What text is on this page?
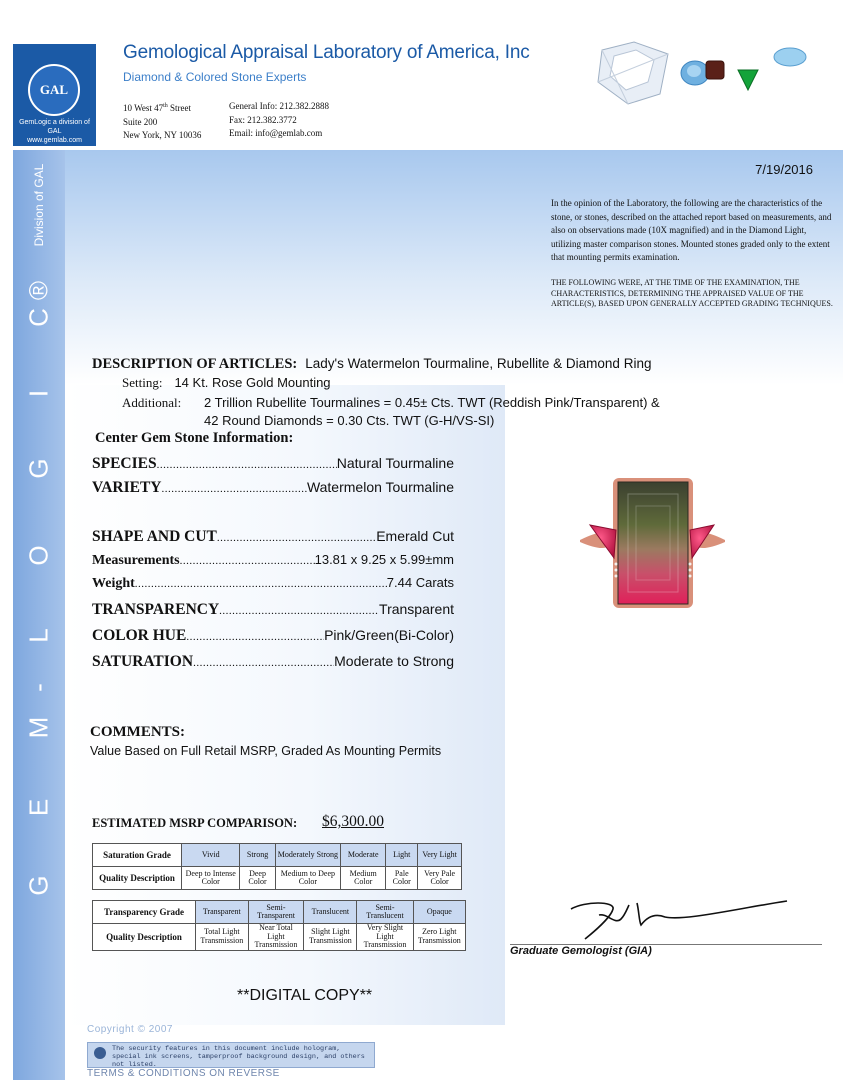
GAL
GemLogic a division of GAL
www.gemlab.com
Gemological Appraisal Laboratory of America, Inc
Diamond & Colored Stone Experts
10 West 47th Street
Suite 200
New York, NY 10036
General Info: 212.382.2888
Fax: 212.382.3772
Email: info@gemlab.com
Division of GAL
®
C
I
G
O
L
-
M
E
G
7/19/2016
In the opinion of the Laboratory, the following are the characteristics of the stone, or stones, described on the attached report based on measurements, and also on observations made (10X magnified) and in the Diamond Light, utilizing master comparison stones. Mounted stones graded only to the extent that mounting permits examination.
THE FOLLOWING WERE, AT THE TIME OF THE EXAMINATION, THE CHARACTERISTICS, DETERMINING THE APPRAISED VALUE OF THE ARTICLE(S), BASED UPON GENERALLY ACCEPTED GRADING TECHNIQUES.
DESCRIPTION OF ARTICLES: Lady's Watermelon Tourmaline, Rubellite & Diamond Ring
Setting: 14 Kt. Rose Gold Mounting
Additional: 2 Trillion Rubellite Tourmalines = 0.45± Cts. TWT (Reddish Pink/Transparent) &
42 Round Diamonds = 0.30 Cts. TWT (G-H/VS-SI)
Center Gem Stone Information:
SPECIES .....	Natural Tourmaline
VARIETY .....	Watermelon Tourmaline
SHAPE AND CUT .....	Emerald Cut
Measurements .....	13.81 x 9.25 x 5.99±mm
Weight .....	7.44 Carats
TRANSPARENCY .....	Transparent
COLOR HUE .....	Pink/Green(Bi-Color)
SATURATION .....	Moderate to Strong
COMMENTS:
Value Based on Full Retail MSRP, Graded As Mounting Permits
ESTIMATED MSRP COMPARISON: $6,300.00
Saturation Grade	Vivid	Strong	Moderately Strong	Moderate	Light	Very Light
Quality Description	Deep to Intense Color	Deep Color	Medium to Deep Color	Medium Color	Pale Color	Very Pale Color
Transparency Grade	Transparent	Semi-Transparent	Translucent	Semi-Translucent	Opaque
Quality Description	Total Light Transmission	Near Total Light Transmission	Slight Light Transmission	Very Slight Light Transmission	Zero Light Transmission
Graduate Gemologist (GIA)
**DIGITAL COPY**
Copyright © 2007
The security features in this document include hologram, special ink screens, tamperproof background design, and others not listed.
TERMS & CONDITIONS ON REVERSE
